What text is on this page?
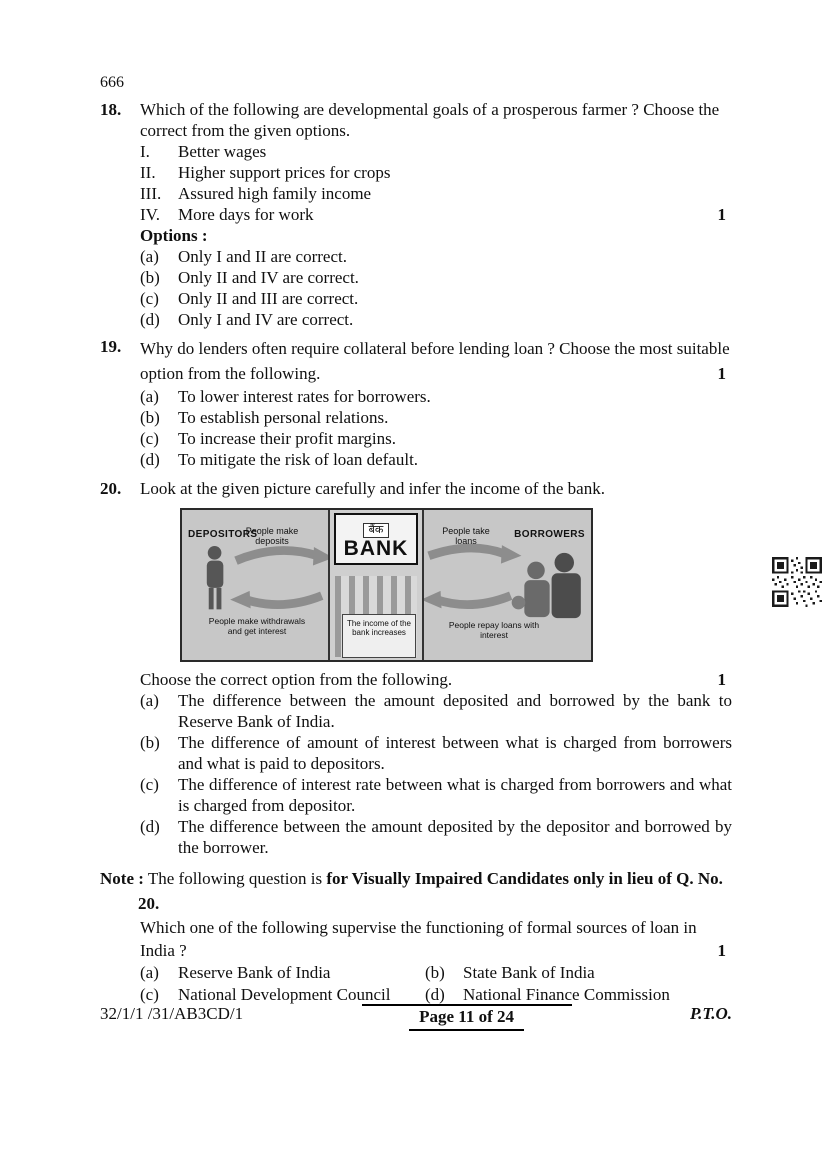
666
18.	Which of the following are developmental goals of a prosperous farmer ? Choose the correct from the given options.
I.	Better wages
II.	Higher support prices for crops
III. Assured high family income
IV.	More days for work	1
Options :
(a)	Only I and II are correct.
(b)	Only II and IV are correct.
(c)	Only II and III are correct.
(d)	Only I and IV are correct.
19.	Why do lenders often require collateral before lending loan ? Choose the most suitable option from the following.	1
(a)	To lower interest rates for borrowers.
(b)	To establish personal relations.
(c)	To increase their profit margins.
(d)	To mitigate the risk of loan default.
20.	Look at the given picture carefully and infer the income of the bank.
DEPOSITORS
People make deposits
बैंक
BANK
People take loans
BORROWERS
People make withdrawals and get interest
The income of the bank increases
People repay loans with interest
Choose the correct option from the following.	1
(a)	The difference between the amount deposited and borrowed by the bank to Reserve Bank of India.
(b)	The difference of amount of interest between what is charged from borrowers and what is paid to depositors.
(c)	The difference of interest rate between what is charged from borrowers and what is charged from depositor.
(d)	The difference between the amount deposited by the depositor and borrowed by the borrower.
Note : The following question is for Visually Impaired Candidates only in lieu of Q. No. 20.
Which one of the following supervise the functioning of formal sources of loan in India ?	1
(a)	Reserve Bank of India	(b)	State Bank of India
(c)	National Development Council (d)	National Finance Commission
32/1/1 /31/AB3CD/1	Page 11 of 24	P.T.O.
